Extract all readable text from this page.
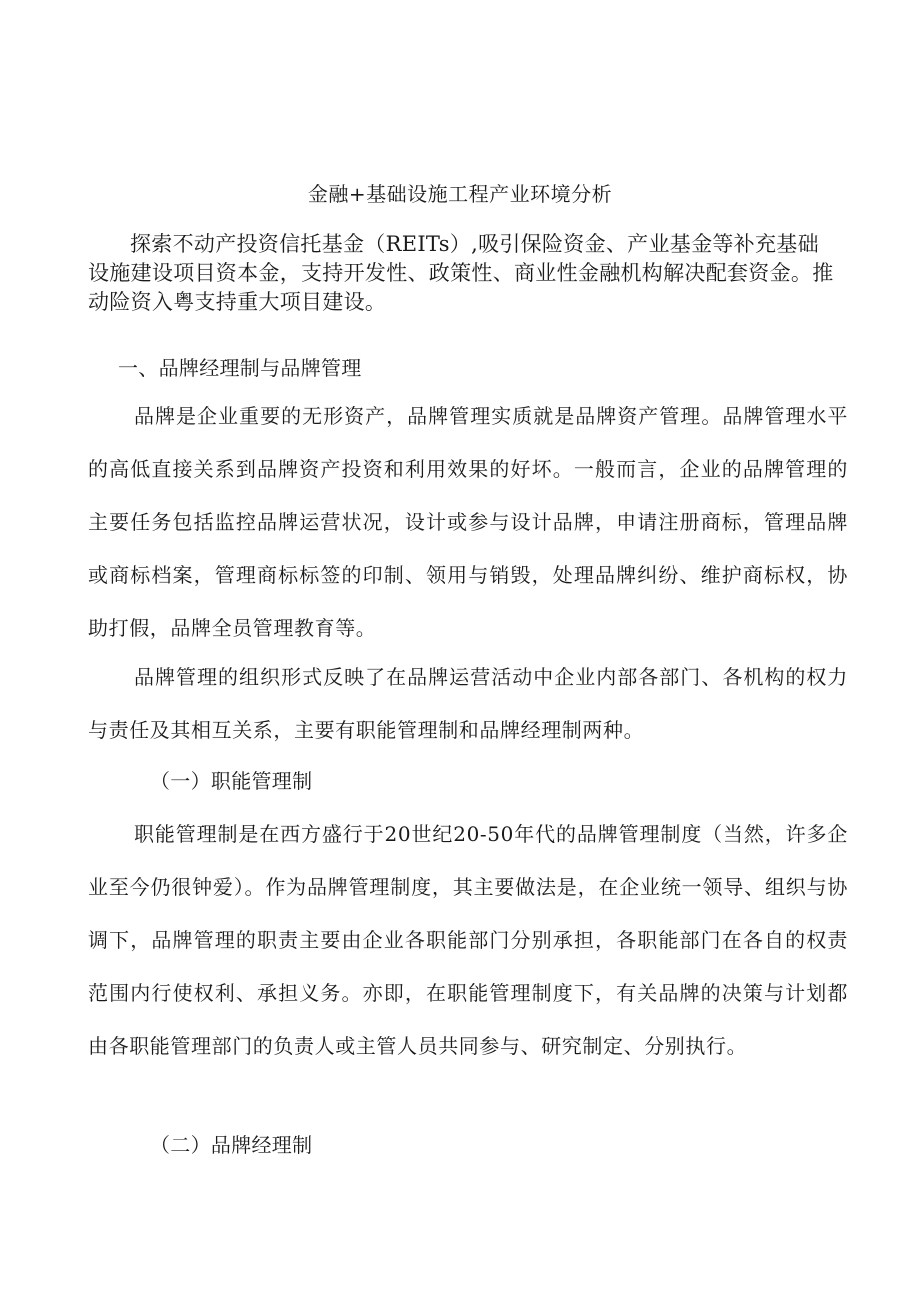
金融+基础设施工程产业环境分析

探索不动产投资信托基金（REITs）,吸引保险资金、产业基金等补充基础设施建设项目资本金，支持开发性、政策性、商业性金融机构解决配套资金。推动险资入粤支持重大项目建设。

一、品牌经理制与品牌管理

品牌是企业重要的无形资产，品牌管理实质就是品牌资产管理。品牌管理水平的高低直接关系到品牌资产投资和利用效果的好坏。一般而言，企业的品牌管理的主要任务包括监控品牌运营状况，设计或参与设计品牌，申请注册商标，管理品牌或商标档案，管理商标标签的印制、领用与销毁，处理品牌纠纷、维护商标权，协助打假，品牌全员管理教育等。

品牌管理的组织形式反映了在品牌运营活动中企业内部各部门、各机构的权力与责任及其相互关系，主要有职能管理制和品牌经理制两种。

（一）职能管理制

职能管理制是在西方盛行于20世纪20-50年代的品牌管理制度（当然，许多企业至今仍很钟爱）。作为品牌管理制度，其主要做法是，在企业统一领导、组织与协调下，品牌管理的职责主要由企业各职能部门分别承担，各职能部门在各自的权责范围内行使权利、承担义务。亦即，在职能管理制度下，有关品牌的决策与计划都由各职能管理部门的负责人或主管人员共同参与、研究制定、分别执行。

（二）品牌经理制
